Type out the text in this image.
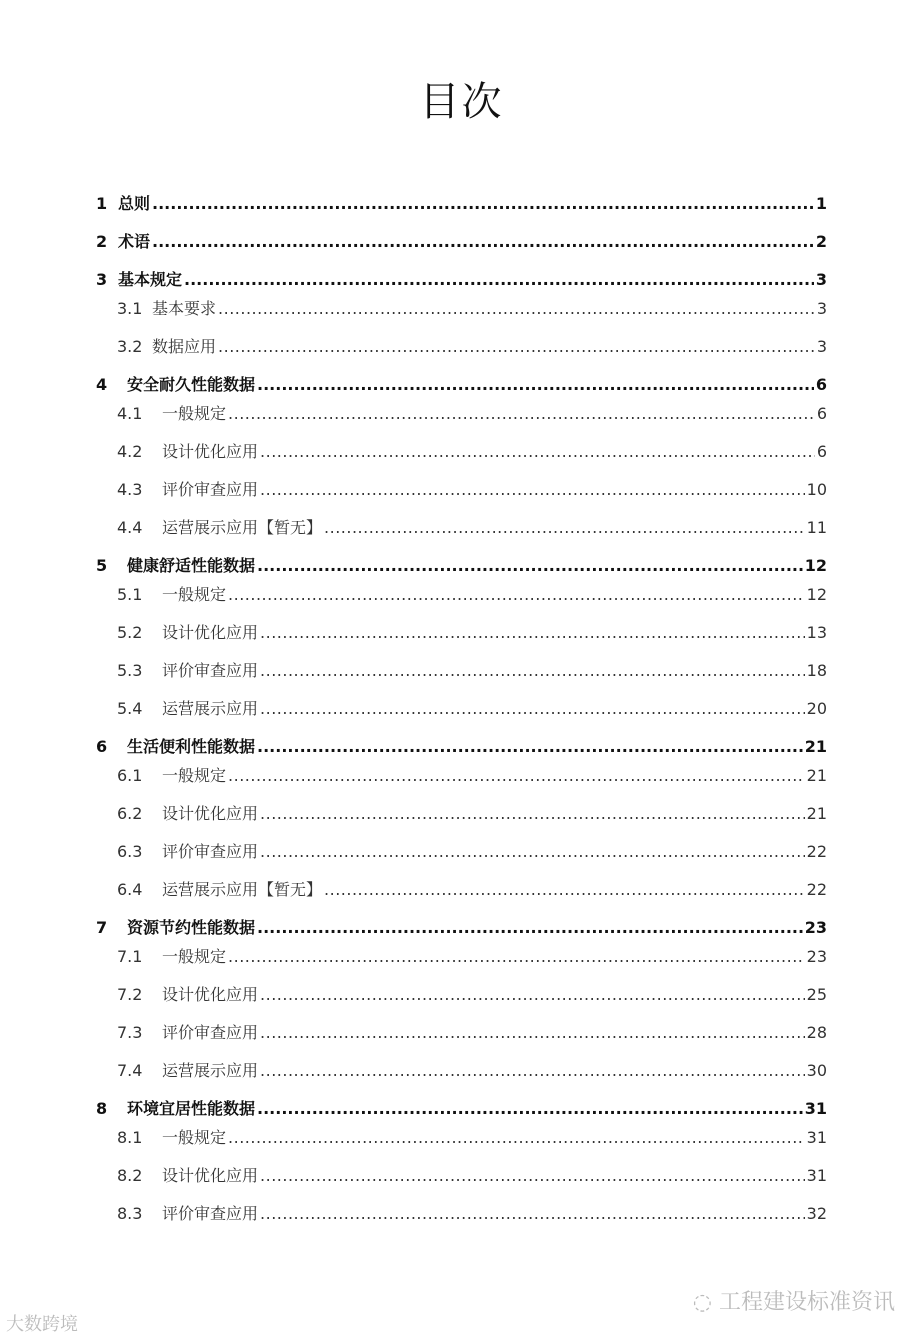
目次
1 总则 .....	1
2 术语 .....	2
3 基本规定 .....	3
3.1 基本要求 .....	3
3.2 数据应用 .....	3
4	安全耐久性能数据 .....	6
4.1	一般规定 .....	6
4.2	设计优化应用 .....	6
4.3	评价审查应用 .....	10
4.4	运营展示应用【暂无】 .....	11
5	健康舒适性能数据 .....	12
5.1	一般规定 .....	12
5.2	设计优化应用 .....	13
5.3	评价审查应用 .....	18
5.4	运营展示应用 .....	20
6	生活便利性能数据 .....	21
6.1	一般规定 .....	21
6.2	设计优化应用 .....	21
6.3	评价审查应用 .....	22
6.4	运营展示应用【暂无】 .....	22
7	资源节约性能数据 .....	23
7.1	一般规定 .....	23
7.2	设计优化应用 .....	25
7.3	评价审查应用 .....	28
7.4	运营展示应用 .....	30
8	环境宜居性能数据 .....	31
8.1	一般规定 .....	31
8.2	设计优化应用 .....	31
8.3	评价审查应用 .....	32
◌ 工程建设标准资讯
大数跨境
